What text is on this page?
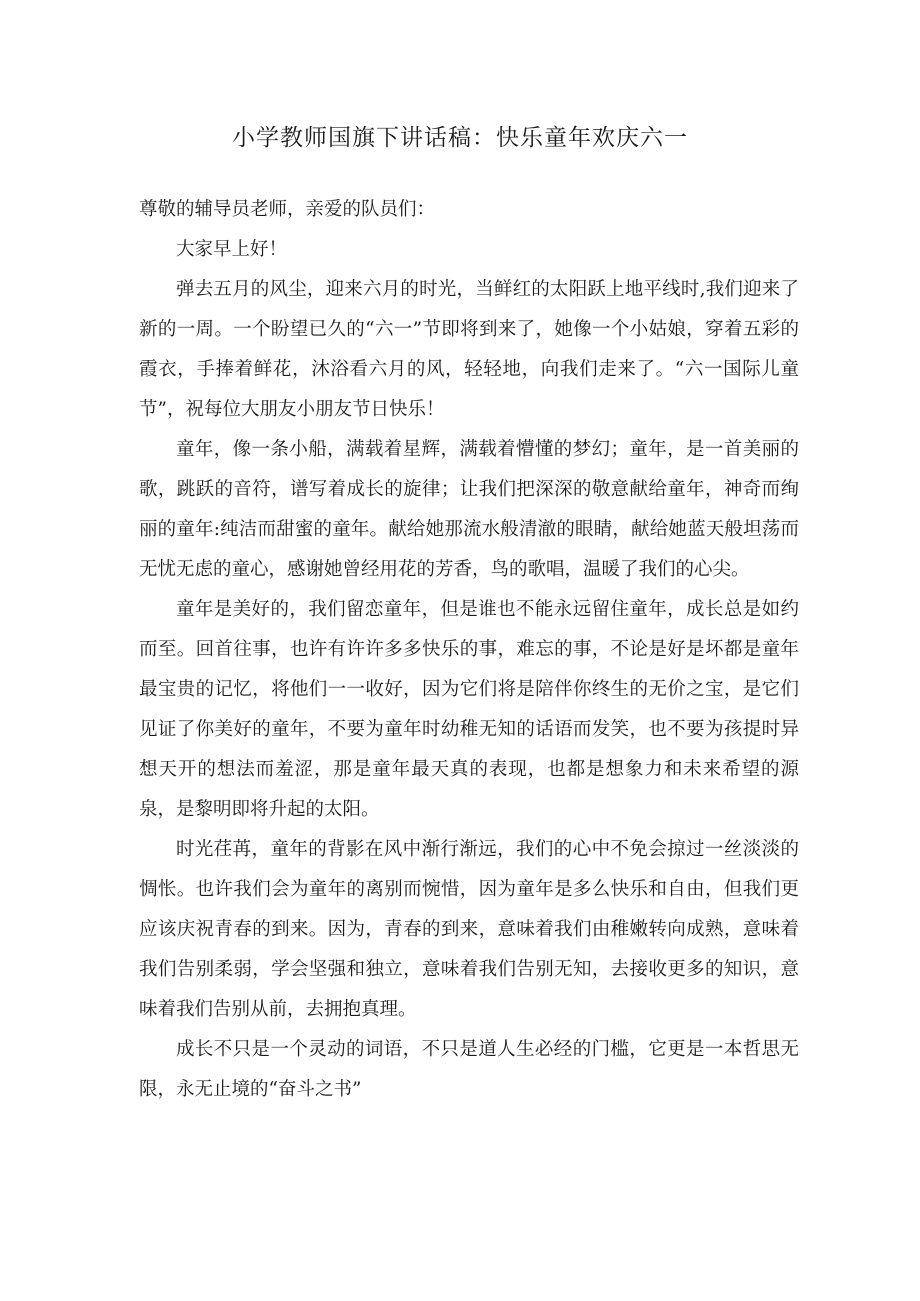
小学教师国旗下讲话稿：快乐童年欢庆六一

尊敬的辅导员老师，亲爱的队员们：

大家早上好！

弹去五月的风尘，迎来六月的时光，当鲜红的太阳跃上地平线时,我们迎来了新的一周。一个盼望已久的“六一”节即将到来了，她像一个小姑娘，穿着五彩的霞衣，手捧着鲜花，沐浴看六月的风，轻轻地，向我们走来了。“六一国际儿童节”，祝每位大朋友小朋友节日快乐！

童年，像一条小船，满载着星辉，满载着懵懂的梦幻；童年，是一首美丽的歌，跳跃的音符，谱写着成长的旋律；让我们把深深的敬意献给童年，神奇而绚丽的童年:纯洁而甜蜜的童年。献给她那流水般清澈的眼睛，献给她蓝天般坦荡而无忧无虑的童心，感谢她曾经用花的芳香，鸟的歌唱，温暖了我们的心尖。

童年是美好的，我们留恋童年，但是谁也不能永远留住童年，成长总是如约而至。回首往事，也许有许许多多快乐的事，难忘的事，不论是好是坏都是童年最宝贵的记忆，将他们一一收好，因为它们将是陪伴你终生的无价之宝，是它们见证了你美好的童年，不要为童年时幼稚无知的话语而发笑，也不要为孩提时异想天开的想法而羞涩，那是童年最天真的表现，也都是想象力和未来希望的源泉，是黎明即将升起的太阳。

时光荏苒，童年的背影在风中渐行渐远，我们的心中不免会掠过一丝淡淡的惆怅。也许我们会为童年的离别而惋惜，因为童年是多么快乐和自由，但我们更应该庆祝青春的到来。因为，青春的到来，意味着我们由稚嫩转向成熟，意味着我们告别柔弱，学会坚强和独立，意味着我们告别无知，去接收更多的知识，意味着我们告别从前，去拥抱真理。

成长不只是一个灵动的词语，不只是道人生必经的门槛，它更是一本哲思无限，永无止境的“奋斗之书”
